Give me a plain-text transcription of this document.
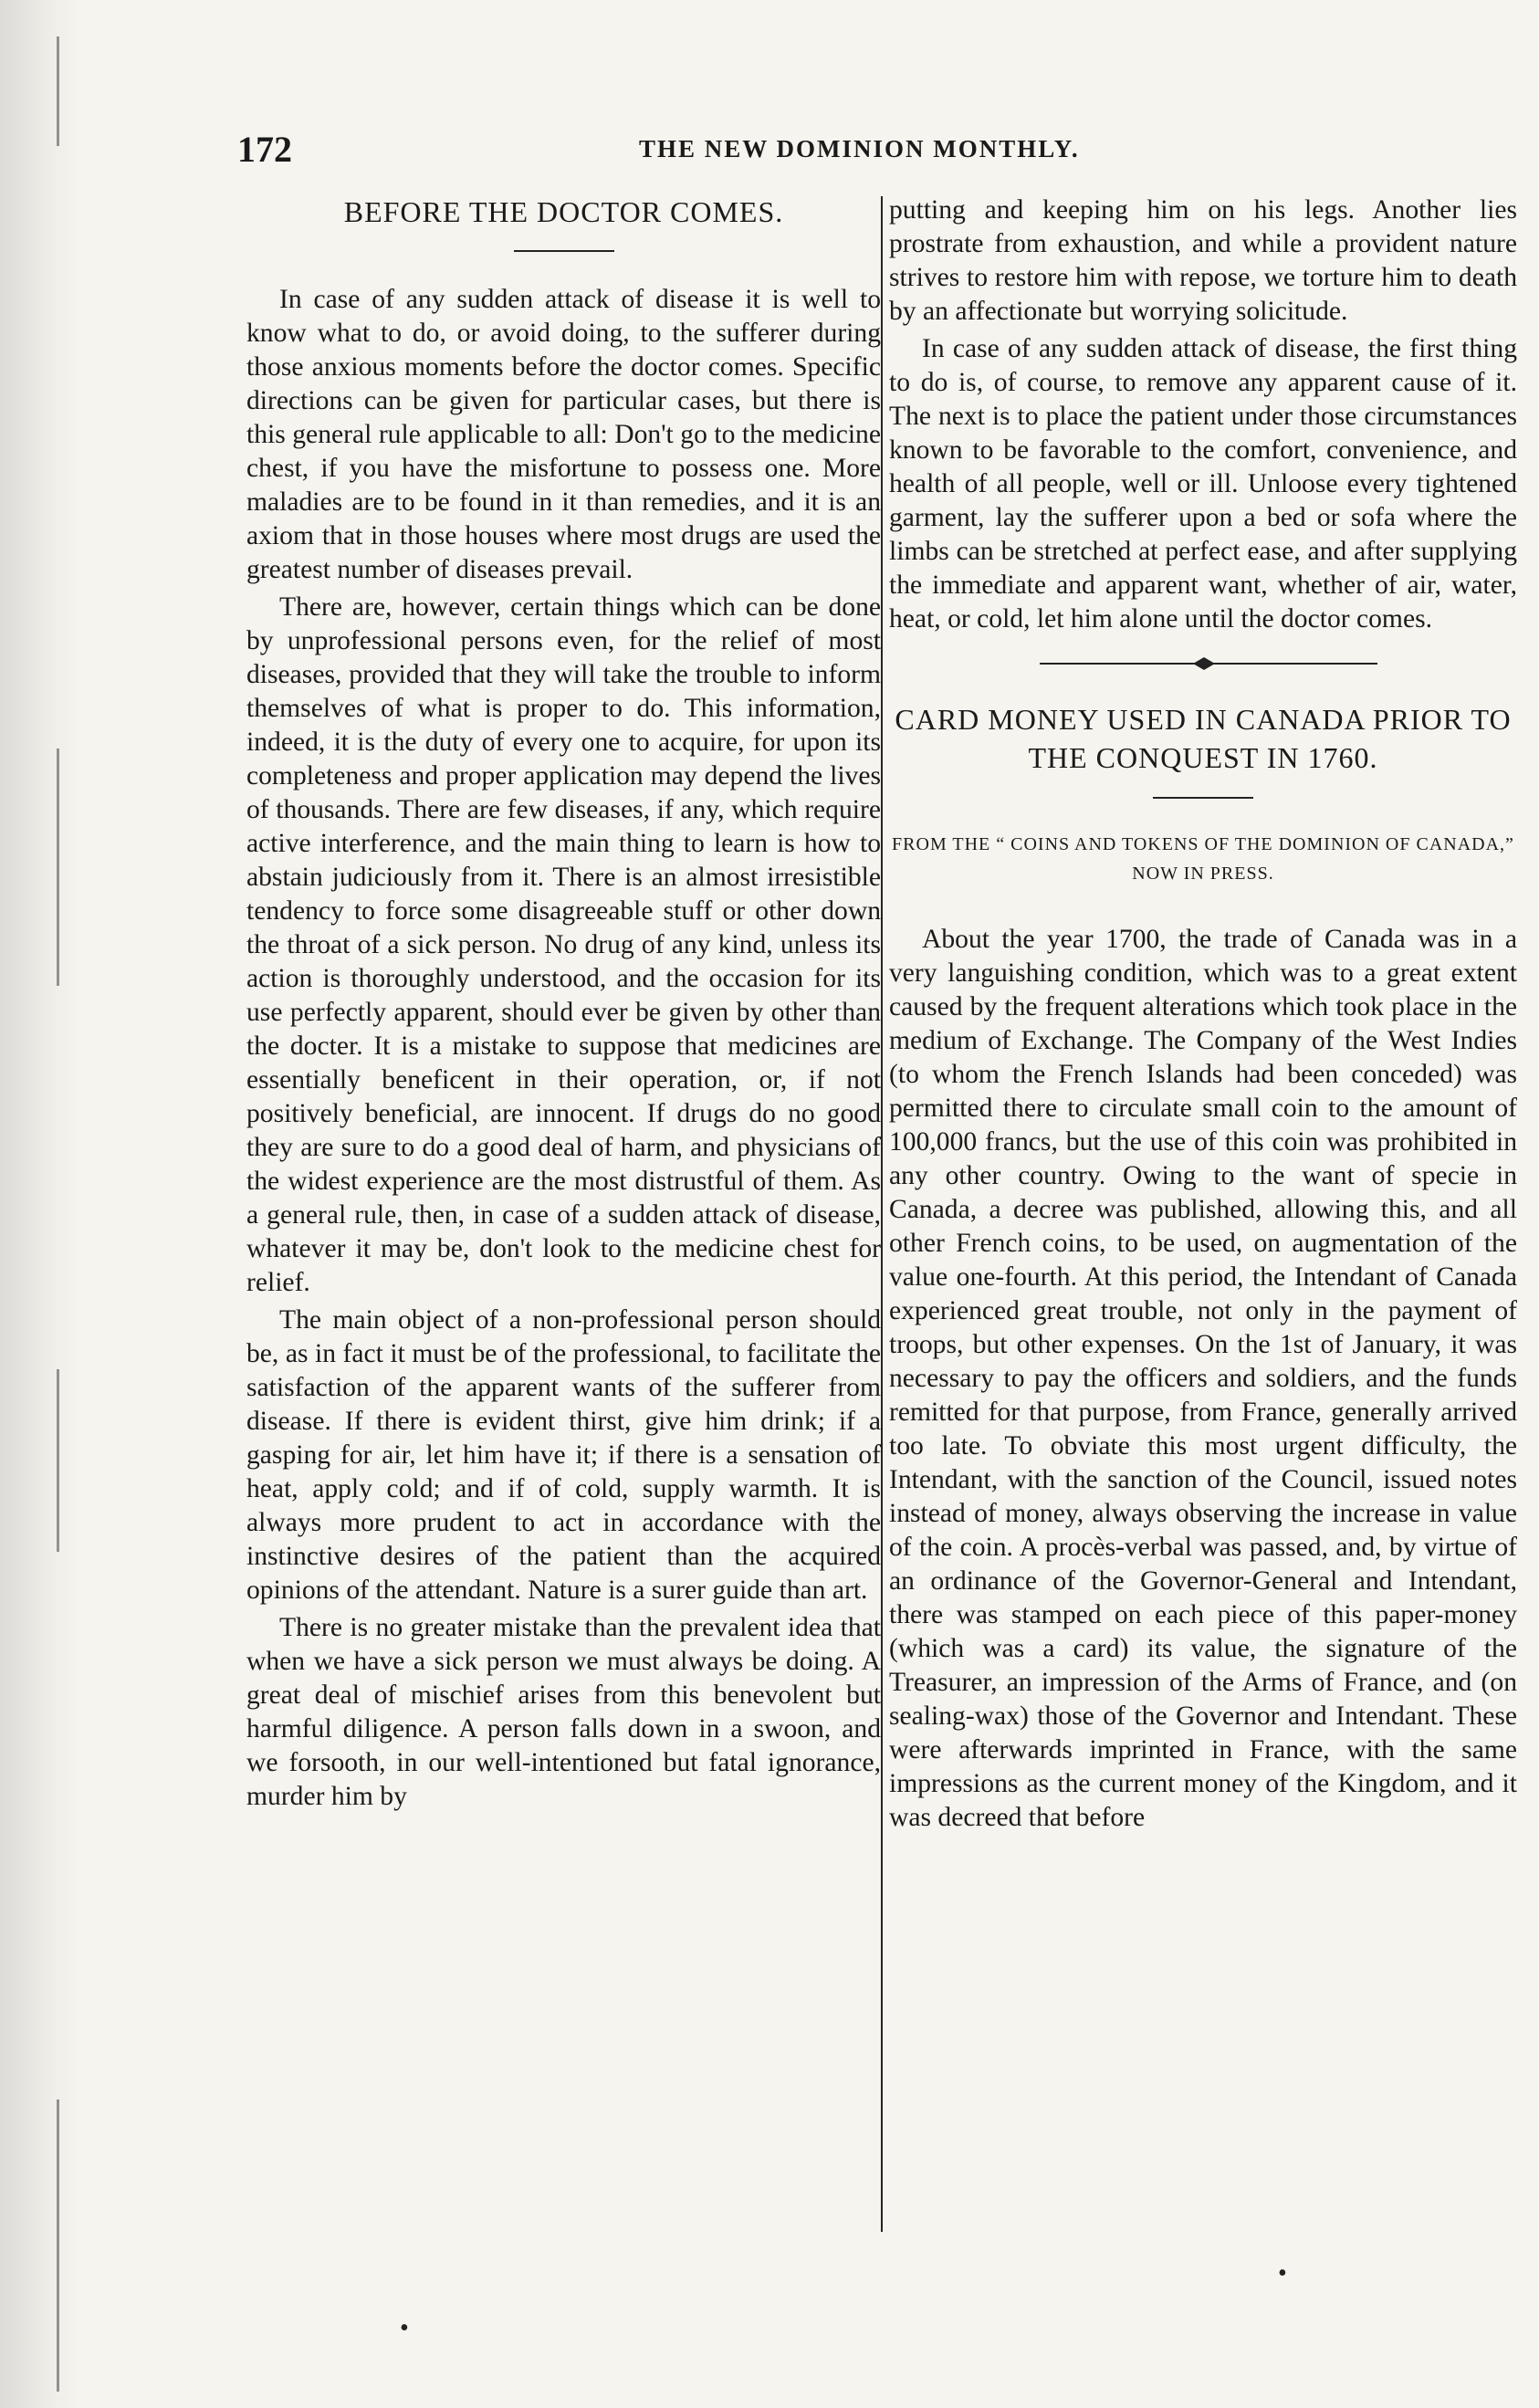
172	THE NEW DOMINION MONTHLY.
BEFORE THE DOCTOR COMES.

In case of any sudden attack of disease it is well to know what to do, or avoid doing, to the sufferer during those anxious moments before the doctor comes. Specific directions can be given for particular cases, but there is this general rule applicable to all: Don't go to the medicine chest, if you have the misfortune to possess one. More maladies are to be found in it than remedies, and it is an axiom that in those houses where most drugs are used the greatest number of diseases prevail.

There are, however, certain things which can be done by unprofessional persons even, for the relief of most diseases, provided that they will take the trouble to inform themselves of what is proper to do. This information, indeed, it is the duty of every one to acquire, for upon its completeness and proper application may depend the lives of thousands. There are few diseases, if any, which require active interference, and the main thing to learn is how to abstain judiciously from it. There is an almost irresistible tendency to force some disagreeable stuff or other down the throat of a sick person. No drug of any kind, unless its action is thoroughly understood, and the occasion for its use perfectly apparent, should ever be given by other than the docter. It is a mistake to suppose that medicines are essentially beneficent in their operation, or, if not positively beneficial, are innocent. If drugs do no good they are sure to do a good deal of harm, and physicians of the widest experience are the most distrustful of them. As a general rule, then, in case of a sudden attack of disease, whatever it may be, don't look to the medicine chest for relief.

The main object of a non-professional person should be, as in fact it must be of the professional, to facilitate the satisfaction of the apparent wants of the sufferer from disease. If there is evident thirst, give him drink; if a gasping for air, let him have it; if there is a sensation of heat, apply cold; and if of cold, supply warmth. It is always more prudent to act in accordance with the instinctive desires of the patient than the acquired opinions of the attendant. Nature is a surer guide than art.

There is no greater mistake than the prevalent idea that when we have a sick person we must always be doing. A great deal of mischief arises from this benevolent but harmful diligence. A person falls down in a swoon, and we forsooth, in our well-intentioned but fatal ignorance, murder him by

putting and keeping him on his legs. Another lies prostrate from exhaustion, and while a provident nature strives to restore him with repose, we torture him to death by an affectionate but worrying solicitude.

In case of any sudden attack of disease, the first thing to do is, of course, to remove any apparent cause of it. The next is to place the patient under those circumstances known to be favorable to the comfort, convenience, and health of all people, well or ill. Unloose every tightened garment, lay the sufferer upon a bed or sofa where the limbs can be stretched at perfect ease, and after supplying the immediate and apparent want, whether of air, water, heat, or cold, let him alone until the doctor comes.

CARD MONEY USED IN CANADA PRIOR TO THE CONQUEST IN 1760.

FROM THE “ COINS AND TOKENS OF THE DOMINION OF CANADA,” NOW IN PRESS.

About the year 1700, the trade of Canada was in a very languishing condition, which was to a great extent caused by the frequent alterations which took place in the medium of Exchange. The Company of the West Indies (to whom the French Islands had been conceded) was permitted there to circulate small coin to the amount of 100,000 francs, but the use of this coin was prohibited in any other country. Owing to the want of specie in Canada, a decree was published, allowing this, and all other French coins, to be used, on augmentation of the value one-fourth. At this period, the Intendant of Canada experienced great trouble, not only in the payment of troops, but other expenses. On the 1st of January, it was necessary to pay the officers and soldiers, and the funds remitted for that purpose, from France, generally arrived too late. To obviate this most urgent difficulty, the Intendant, with the sanction of the Council, issued notes instead of money, always observing the increase in value of the coin. A procès-verbal was passed, and, by virtue of an ordinance of the Governor-General and Intendant, there was stamped on each piece of this paper-money (which was a card) its value, the signature of the Treasurer, an impression of the Arms of France, and (on sealing-wax) those of the Governor and Intendant. These were afterwards imprinted in France, with the same impressions as the current money of the Kingdom, and it was decreed that before

•
•
